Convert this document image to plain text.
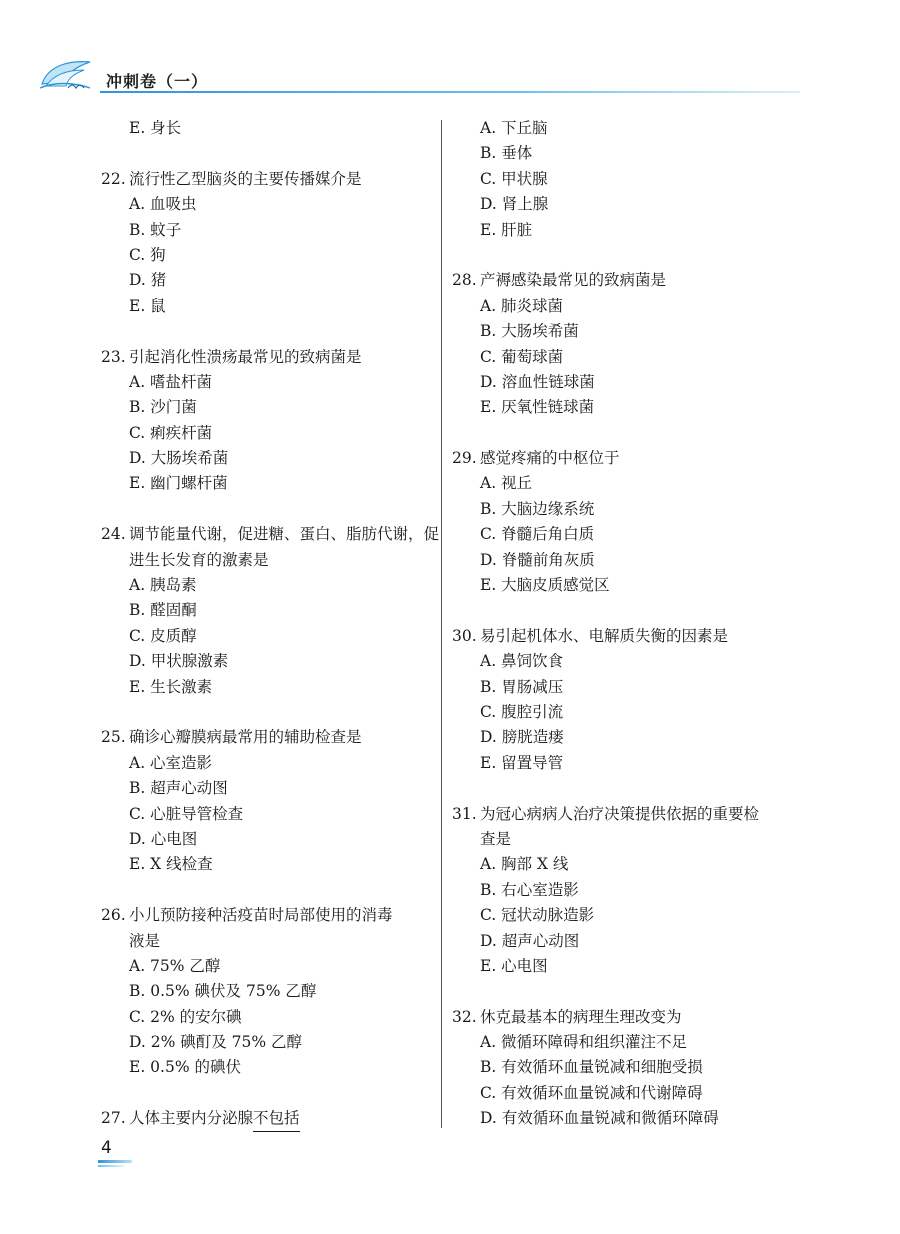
冲刺卷（一）
E. 身长
22. 流行性乙型脑炎的主要传播媒介是
A. 血吸虫
B. 蚊子
C. 狗
D. 猪
E. 鼠
23. 引起消化性溃疡最常见的致病菌是
A. 嗜盐杆菌
B. 沙门菌
C. 痢疾杆菌
D. 大肠埃希菌
E. 幽门螺杆菌
24. 调节能量代谢，促进糖、蛋白、脂肪代谢，促
进生长发育的激素是
A. 胰岛素
B. 醛固酮
C. 皮质醇
D. 甲状腺激素
E. 生长激素
25. 确诊心瓣膜病最常用的辅助检查是
A. 心室造影
B. 超声心动图
C. 心脏导管检查
D. 心电图
E. X 线检查
26. 小儿预防接种活疫苗时局部使用的消毒
液是
A. 75% 乙醇
B. 0.5% 碘伏及 75% 乙醇
C. 2% 的安尔碘
D. 2% 碘酊及 75% 乙醇
E. 0.5% 的碘伏
27. 人体主要内分泌腺 不包括
A. 下丘脑
B. 垂体
C. 甲状腺
D. 肾上腺
E. 肝脏
28. 产褥感染最常见的致病菌是
A. 肺炎球菌
B. 大肠埃希菌
C. 葡萄球菌
D. 溶血性链球菌
E. 厌氧性链球菌
29. 感觉疼痛的中枢位于
A. 视丘
B. 大脑边缘系统
C. 脊髓后角白质
D. 脊髓前角灰质
E. 大脑皮质感觉区
30. 易引起机体水、电解质失衡的因素是
A. 鼻饲饮食
B. 胃肠减压
C. 腹腔引流
D. 膀胱造瘘
E. 留置导管
31. 为冠心病病人治疗决策提供依据的重要检
查是
A. 胸部 X 线
B. 右心室造影
C. 冠状动脉造影
D. 超声心动图
E. 心电图
32. 休克最基本的病理生理改变为
A. 微循环障碍和组织灌注不足
B. 有效循环血量锐减和细胞受损
C. 有效循环血量锐减和代谢障碍
D. 有效循环血量锐减和微循环障碍
4
